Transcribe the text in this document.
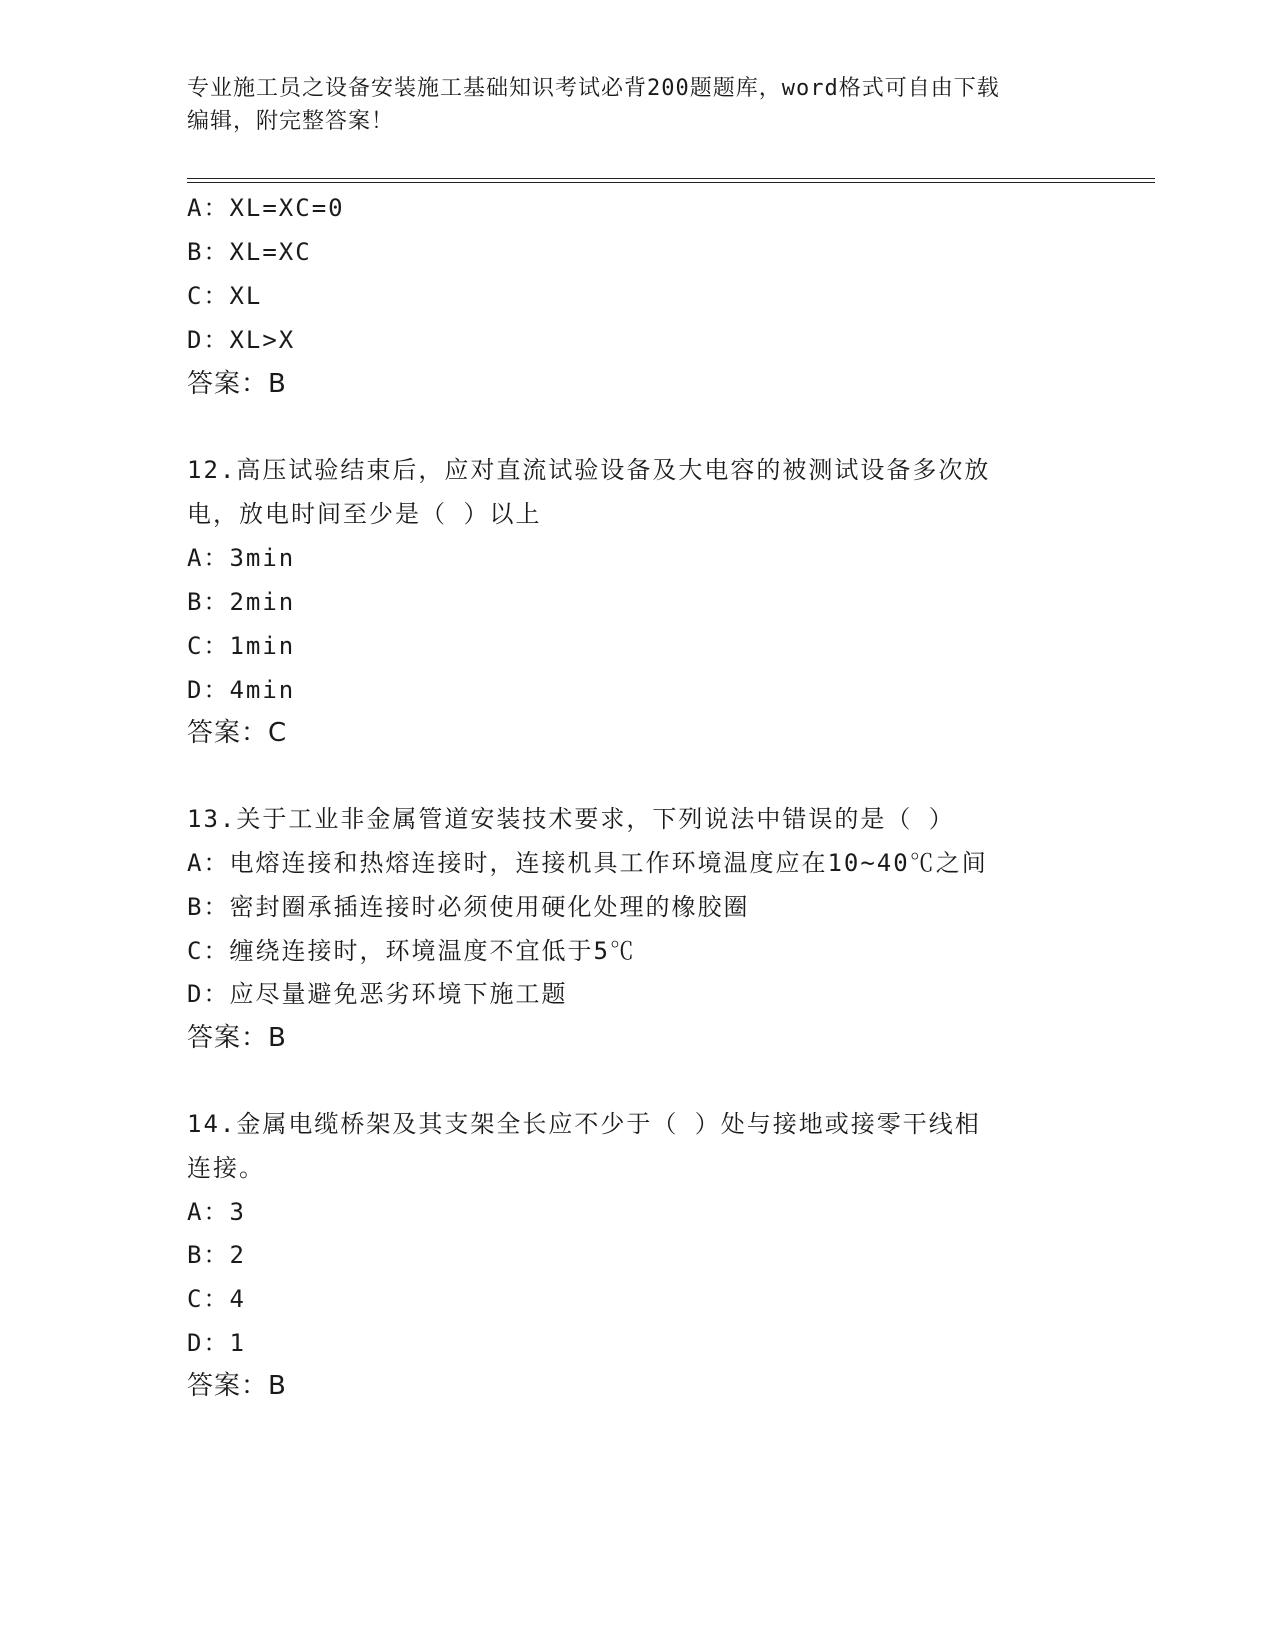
专业施工员之设备安装施工基础知识考试必背200题题库，word格式可自由下载
编辑，附完整答案！
A：XL=XC=0
B：XL=XC
C：XL
D：XL>X
答案：B
12.高压试验结束后，应对直流试验设备及大电容的被测试设备多次放
电，放电时间至少是（ ）以上
A：3min
B：2min
C：1min
D：4min
答案：C
13.关于工业非金属管道安装技术要求，下列说法中错误的是（ ）
A：电熔连接和热熔连接时，连接机具工作环境温度应在10~40℃之间
B：密封圈承插连接时必须使用硬化处理的橡胶圈
C：缠绕连接时，环境温度不宜低于5℃
D：应尽量避免恶劣环境下施工题
答案：B
14.金属电缆桥架及其支架全长应不少于（ ）处与接地或接零干线相
连接。
A：3
B：2
C：4
D：1
答案：B
